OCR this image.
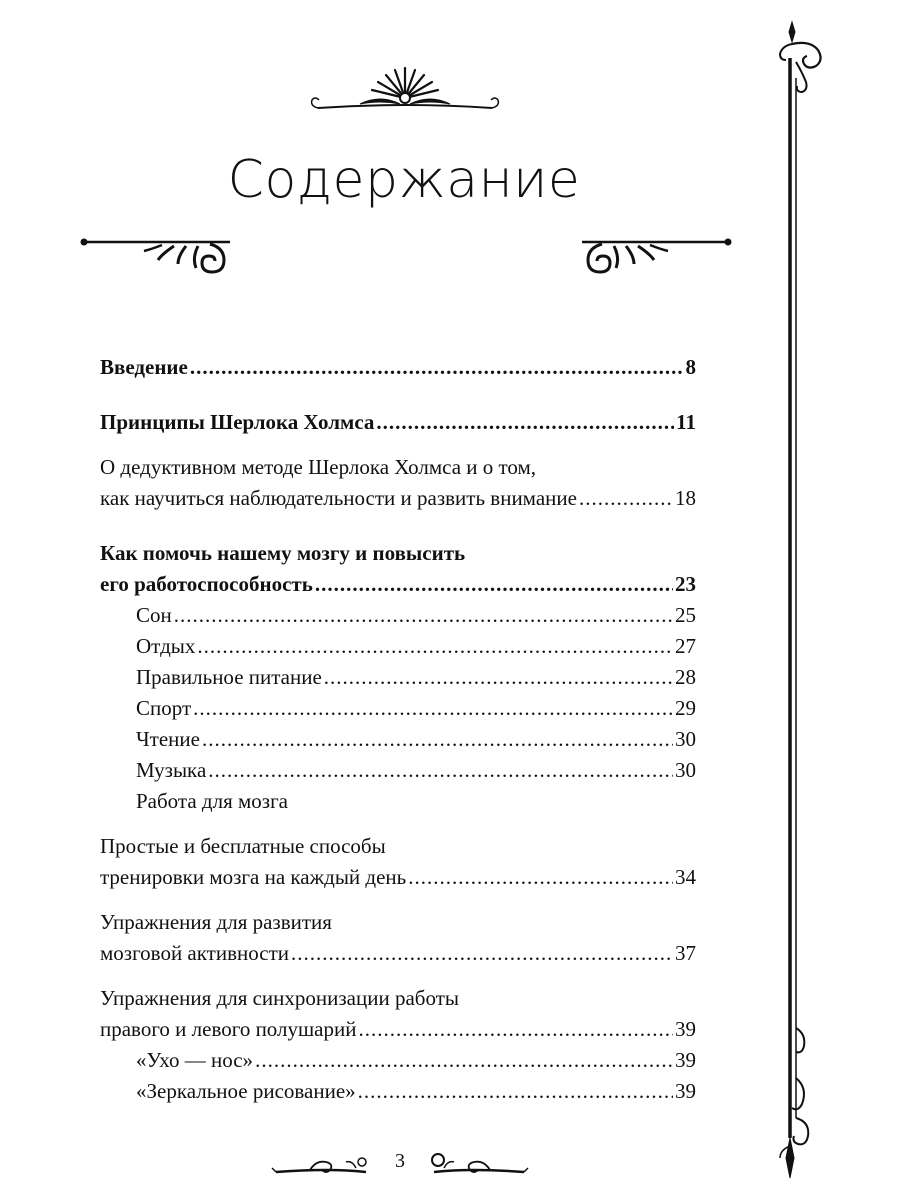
Содержание
Введение .....	8
Принципы Шерлока Холмса .....	11
О дедуктивном методе Шерлока Холмса и о том,
как научиться наблюдательности и развить внимание .....	18
Как помочь нашему мозгу и повысить
его работоспособность .....	23
Сон .....	25
Отдых .....	27
Правильное питание .....	28
Спорт .....	29
Чтение .....	30
Музыка .....	30
Работа для мозга
Простые и бесплатные способы
тренировки мозга на каждый день .....	34
Упражнения для развития
мозговой активности .....	37
Упражнения для синхронизации работы
правого и левого полушарий .....	39
«Ухо — нос» .....	39
«Зеркальное рисование» .....	39
3
